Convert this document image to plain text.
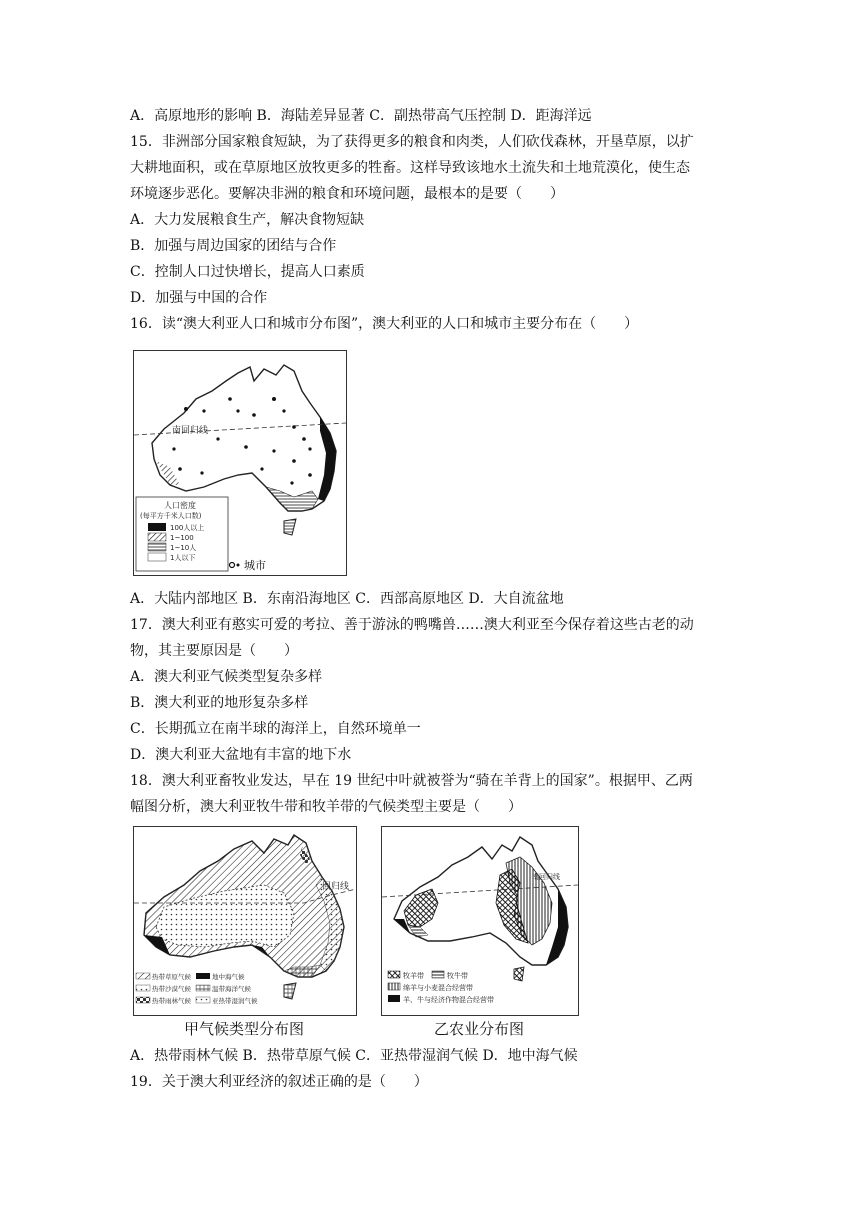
A．高原地形的影响 B．海陆差异显著 C．副热带高气压控制 D．距海洋远
15．非洲部分国家粮食短缺，为了获得更多的粮食和肉类，人们砍伐森林，开垦草原，以扩
大耕地面积，或在草原地区放牧更多的牲畜。这样导致该地水土流失和土地荒漠化，使生态
环境逐步恶化。要解决非洲的粮食和环境问题，最根本的是要（　　）
A．大力发展粮食生产，解决食物短缺
B．加强与周边国家的团结与合作
C．控制人口过快增长，提高人口素质
D．加强与中国的合作
16．读“澳大利亚人口和城市分布图”，澳大利亚的人口和城市主要分布在（　　）
南回归线
人口密度
(每平方千米人口数)
100人以上
1~100
1~10人
1人以下
城市
A．大陆内部地区 B．东南沿海地区 C．西部高原地区 D．大自流盆地
17．澳大利亚有憨实可爱的考拉、善于游泳的鸭嘴兽……澳大利亚至今保存着这些古老的动
物，其主要原因是（　　）
A．澳大利亚气候类型复杂多样
B．澳大利亚的地形复杂多样
C．长期孤立在南半球的海洋上，自然环境单一
D．澳大利亚大盆地有丰富的地下水
18．澳大利亚畜牧业发达，早在 19 世纪中叶就被誉为“骑在羊背上的国家”。根据甲、乙两
幅图分析，澳大利亚牧牛带和牧羊带的气候类型主要是（　　）
回归线
热带草原气候	地中海气候
热带沙漠气候	温带海洋气候
热带雨林气候	亚热带湿润气候
南回归线
牧羊带	牧牛带
绵羊与小麦混合经营带
羊、牛与经济作物混合经营带
甲气候类型分布图	乙农业分布图
A．热带雨林气候 B．热带草原气候 C．亚热带湿润气候 D．地中海气候
19．关于澳大利亚经济的叙述正确的是（　　）
